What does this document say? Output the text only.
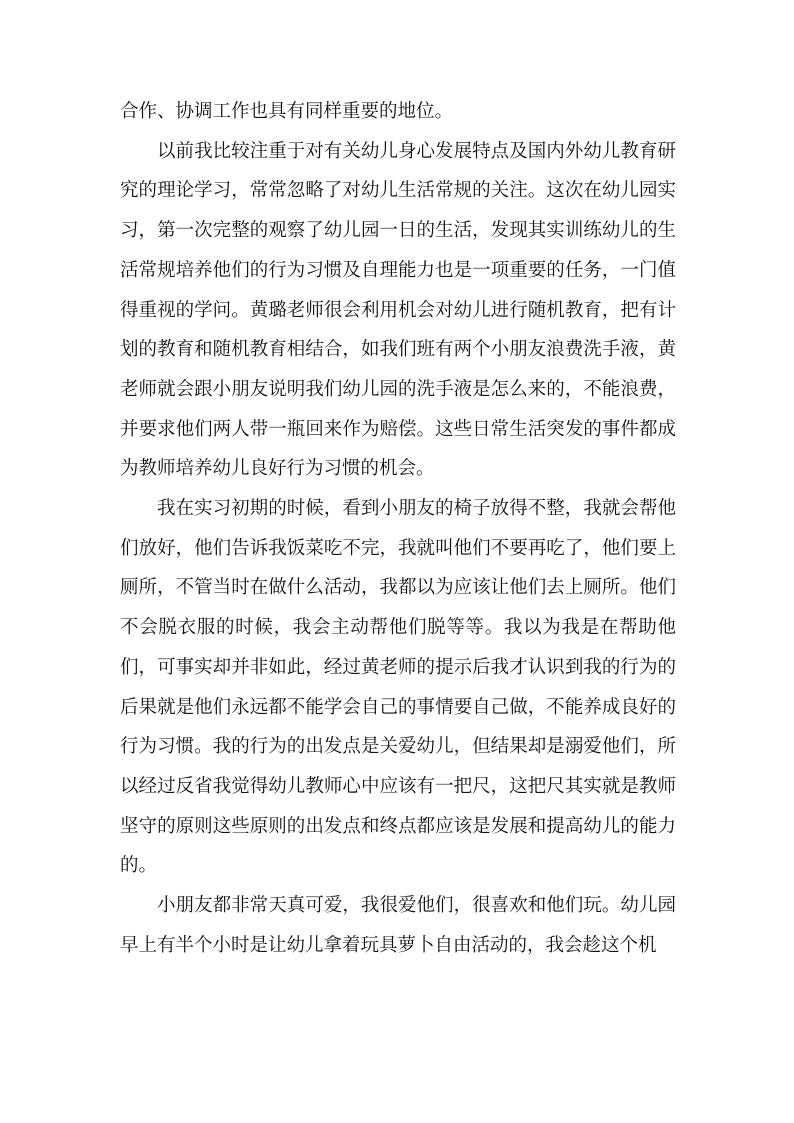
合作、协调工作也具有同样重要的地位。

以前我比较注重于对有关幼儿身心发展特点及国内外幼儿教育研究的理论学习，常常忽略了对幼儿生活常规的关注。这次在幼儿园实习，第一次完整的观察了幼儿园一日的生活，发现其实训练幼儿的生活常规培养他们的行为习惯及自理能力也是一项重要的任务，一门值得重视的学问。黄璐老师很会利用机会对幼儿进行随机教育，把有计划的教育和随机教育相结合，如我们班有两个小朋友浪费洗手液，黄老师就会跟小朋友说明我们幼儿园的洗手液是怎么来的，不能浪费，并要求他们两人带一瓶回来作为赔偿。这些日常生活突发的事件都成为教师培养幼儿良好行为习惯的机会。

我在实习初期的时候，看到小朋友的椅子放得不整，我就会帮他们放好，他们告诉我饭菜吃不完，我就叫他们不要再吃了，他们要上厕所，不管当时在做什么活动，我都以为应该让他们去上厕所。他们不会脱衣服的时候，我会主动帮他们脱等等。我以为我是在帮助他们，可事实却并非如此，经过黄老师的提示后我才认识到我的行为的后果就是他们永远都不能学会自己的事情要自己做，不能养成良好的行为习惯。我的行为的出发点是关爱幼儿，但结果却是溺爱他们，所以经过反省我觉得幼儿教师心中应该有一把尺，这把尺其实就是教师坚守的原则这些原则的出发点和终点都应该是发展和提高幼儿的能力的。

小朋友都非常天真可爱，我很爱他们，很喜欢和他们玩。幼儿园早上有半个小时是让幼儿拿着玩具萝卜自由活动的，我会趁这个机
